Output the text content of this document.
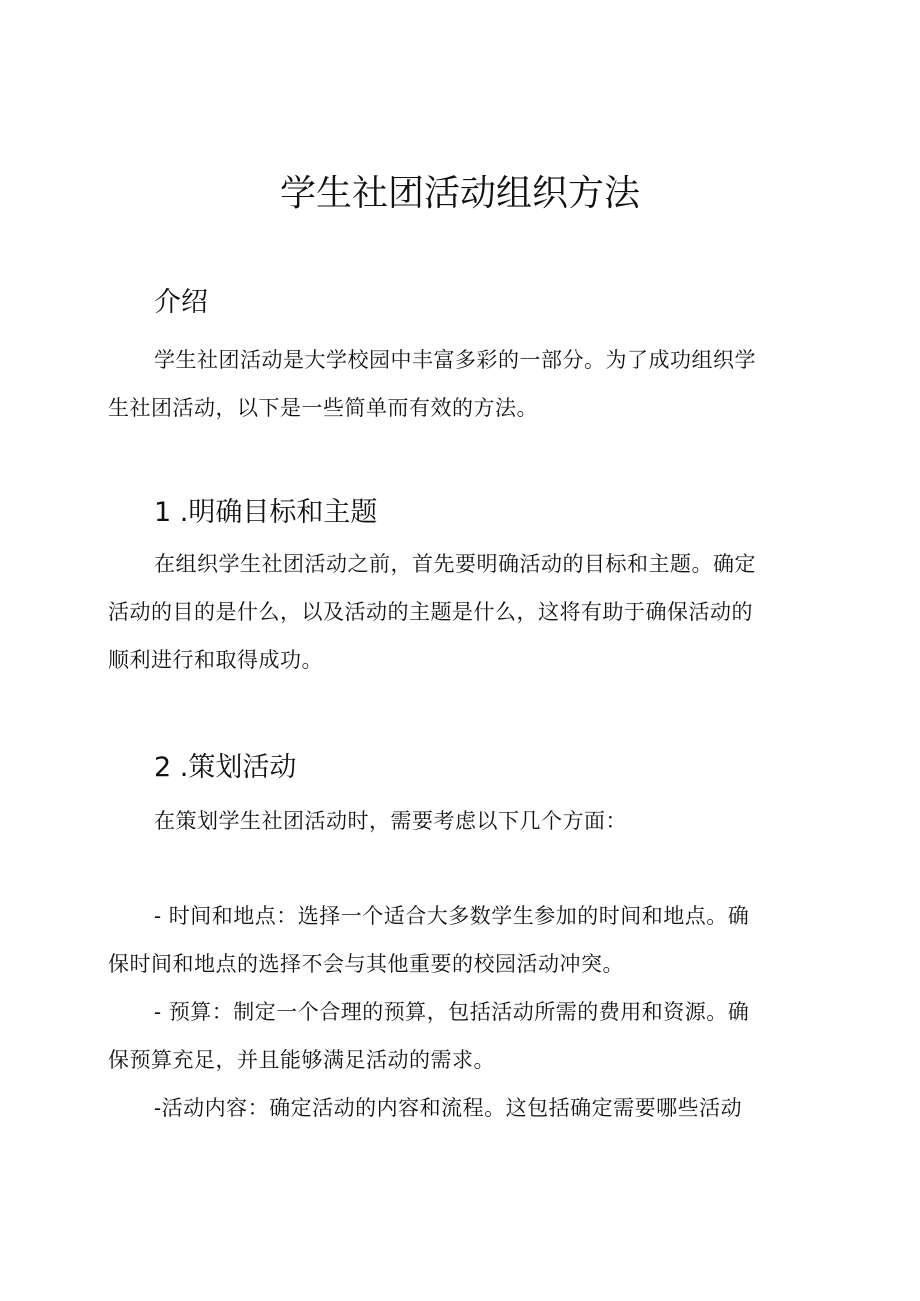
学生社团活动组织方法
介绍

学生社团活动是大学校园中丰富多彩的一部分。为了成功组织学

生社团活动，以下是一些简单而有效的方法。

1 .明确目标和主题

在组织学生社团活动之前，首先要明确活动的目标和主题。确定

活动的目的是什么，以及活动的主题是什么，这将有助于确保活动的

顺利进行和取得成功。

2 .策划活动

在策划学生社团活动时，需要考虑以下几个方面：

- 时间和地点：选择一个适合大多数学生参加的时间和地点。确

保时间和地点的选择不会与其他重要的校园活动冲突。

- 预算：制定一个合理的预算，包括活动所需的费用和资源。确

保预算充足，并且能够满足活动的需求。

-活动内容：确定活动的内容和流程。这包括确定需要哪些活动
